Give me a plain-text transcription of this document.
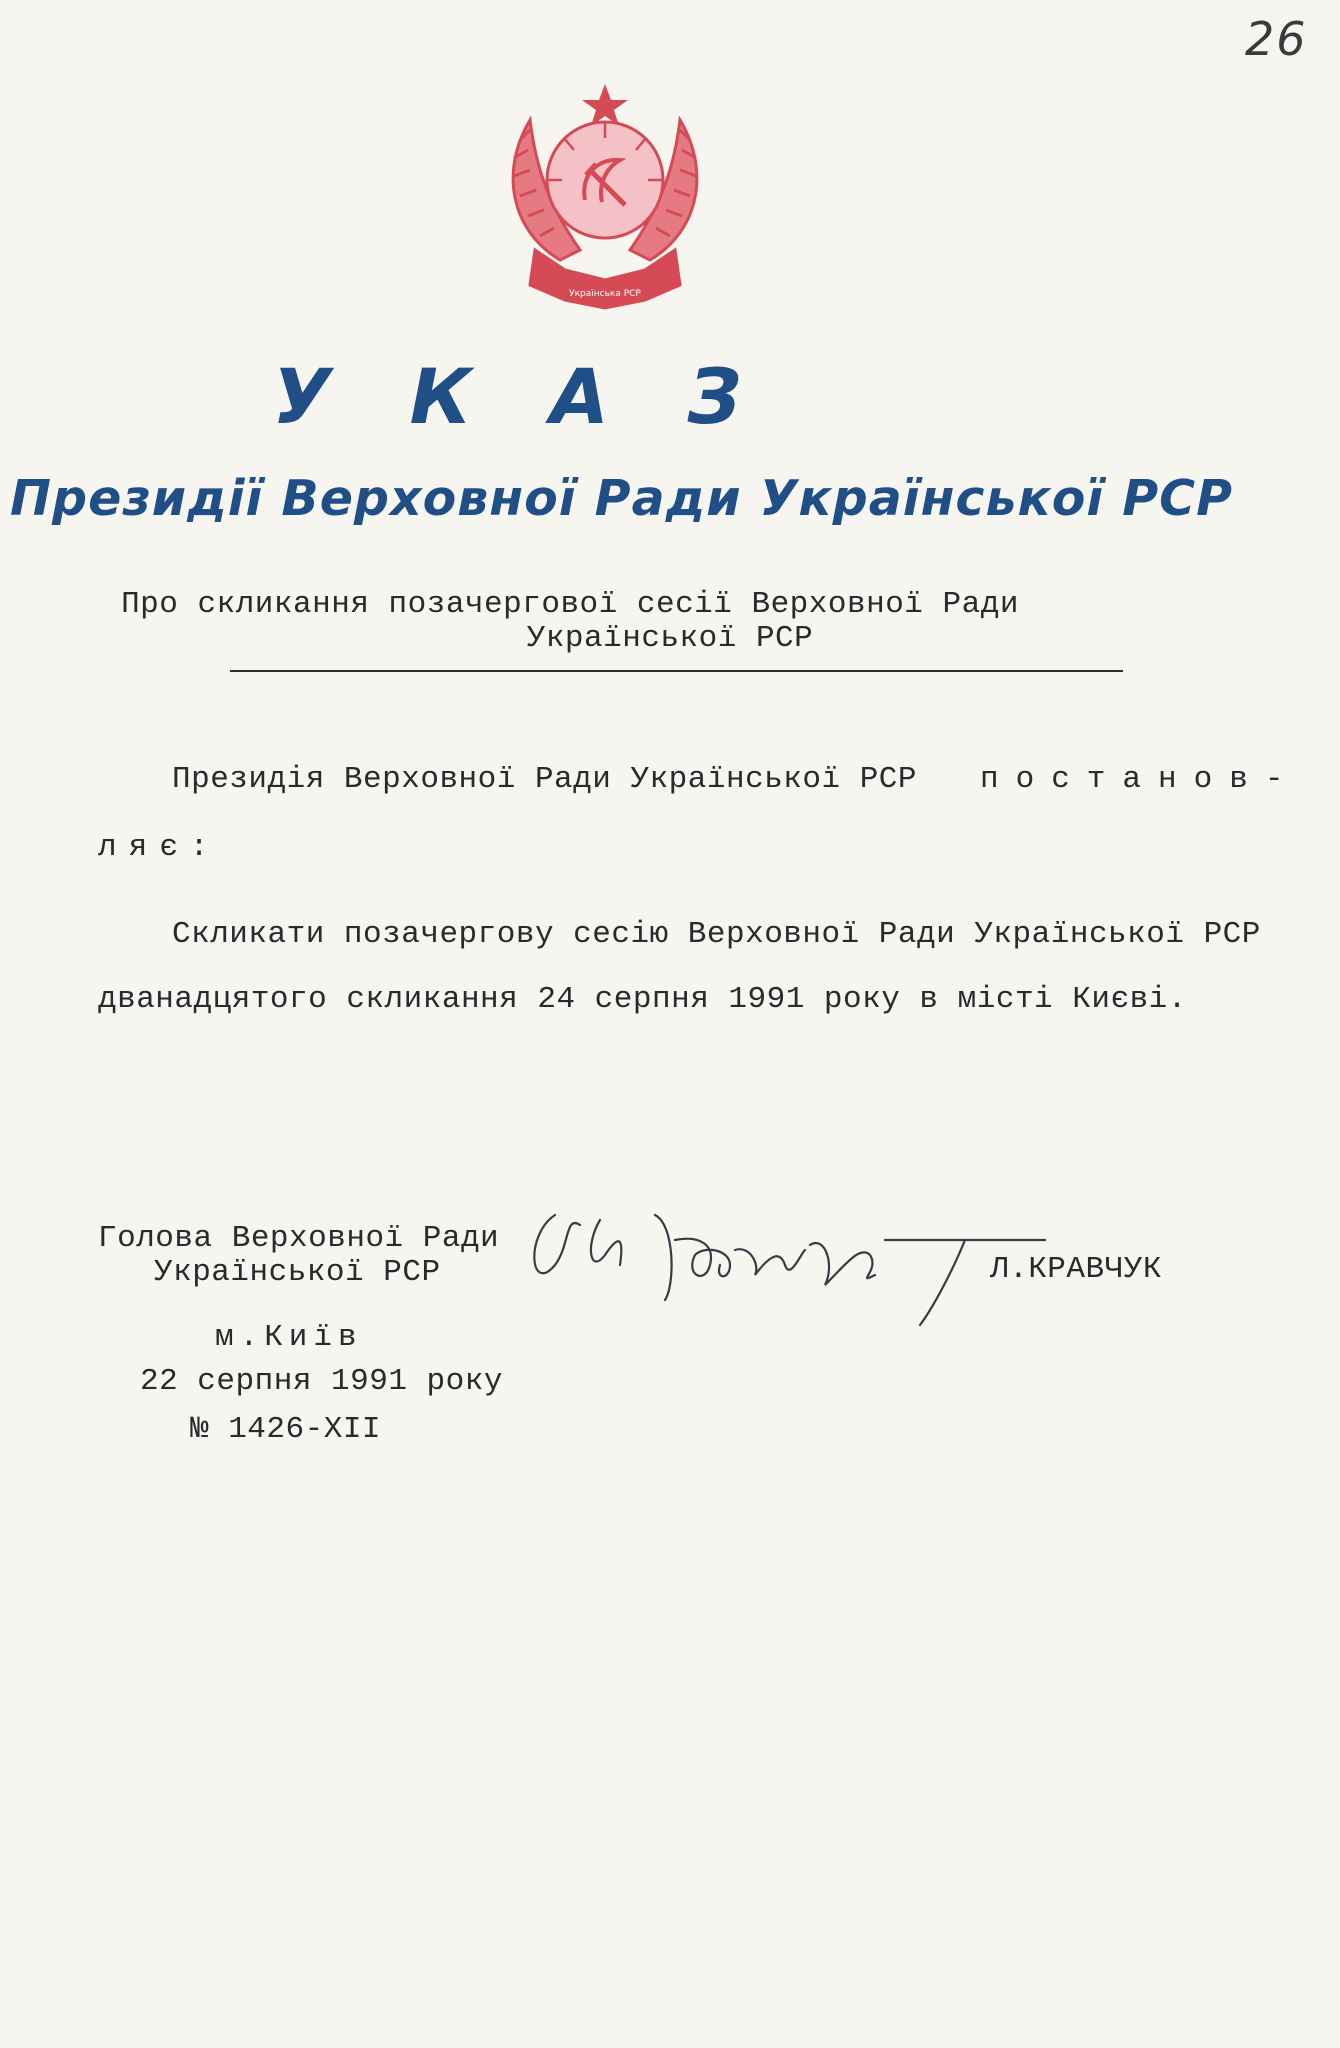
26
Українська РСР
У К А З
Президії Верховної Ради Української РСР
Про скликання позачергової сесії Верховної Ради
Української РСР
Президія Верховної Ради Української РСР постанов-
ляє:
Скликати позачергову сесію Верховної Ради Української РСР
дванадцятого скликання 24 серпня 1991 року в місті Києві.
Голова Верховної Ради
Української РСР	Л.КРАВЧУК
м.Київ
22 серпня 1991 року
№ 1426-XII
